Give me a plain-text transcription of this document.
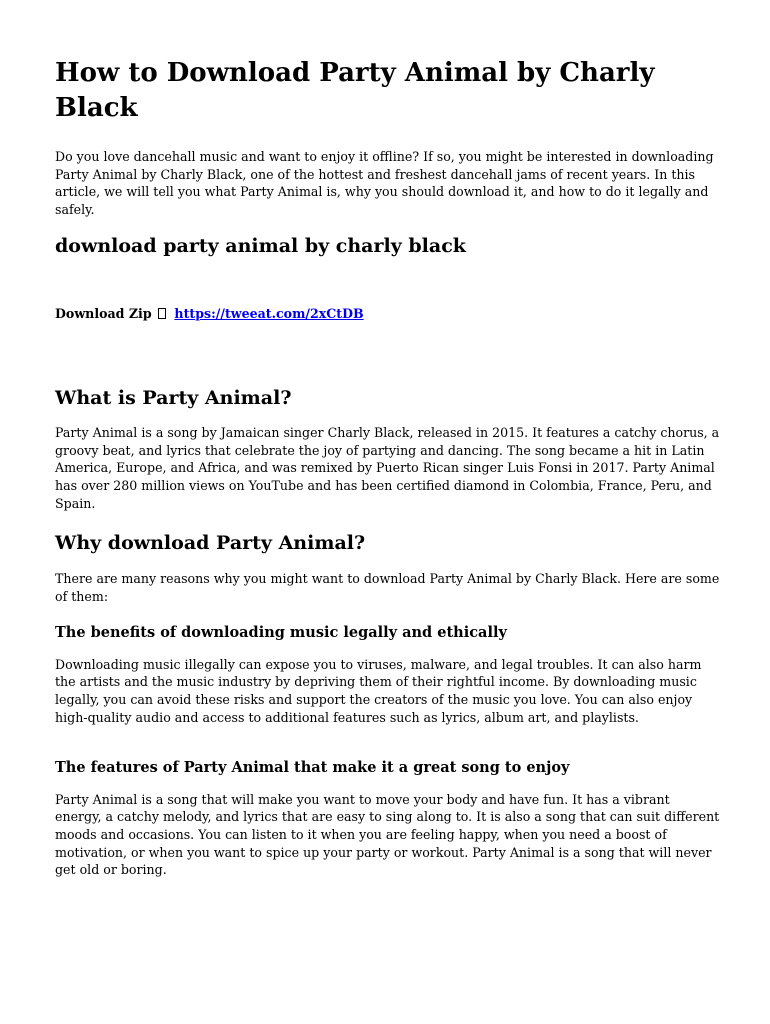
How to Download Party Animal by Charly Black

Do you love dancehall music and want to enjoy it offline? If so, you might be interested in downloading Party Animal by Charly Black, one of the hottest and freshest dancehall jams of recent years. In this article, we will tell you what Party Animal is, why you should download it, and how to do it legally and safely.

download party animal by charly black
Download Zip https://tweeat.com/2xCtDB
What is Party Animal?

Party Animal is a song by Jamaican singer Charly Black, released in 2015. It features a catchy chorus, a groovy beat, and lyrics that celebrate the joy of partying and dancing. The song became a hit in Latin America, Europe, and Africa, and was remixed by Puerto Rican singer Luis Fonsi in 2017. Party Animal has over 280 million views on YouTube and has been certified diamond in Colombia, France, Peru, and Spain.

Why download Party Animal?

There are many reasons why you might want to download Party Animal by Charly Black. Here are some of them:

The benefits of downloading music legally and ethically

Downloading music illegally can expose you to viruses, malware, and legal troubles. It can also harm the artists and the music industry by depriving them of their rightful income. By downloading music legally, you can avoid these risks and support the creators of the music you love. You can also enjoy high-quality audio and access to additional features such as lyrics, album art, and playlists.

The features of Party Animal that make it a great song to enjoy

Party Animal is a song that will make you want to move your body and have fun. It has a vibrant energy, a catchy melody, and lyrics that are easy to sing along to. It is also a song that can suit different moods and occasions. You can listen to it when you are feeling happy, when you need a boost of motivation, or when you want to spice up your party or workout. Party Animal is a song that will never get old or boring.
